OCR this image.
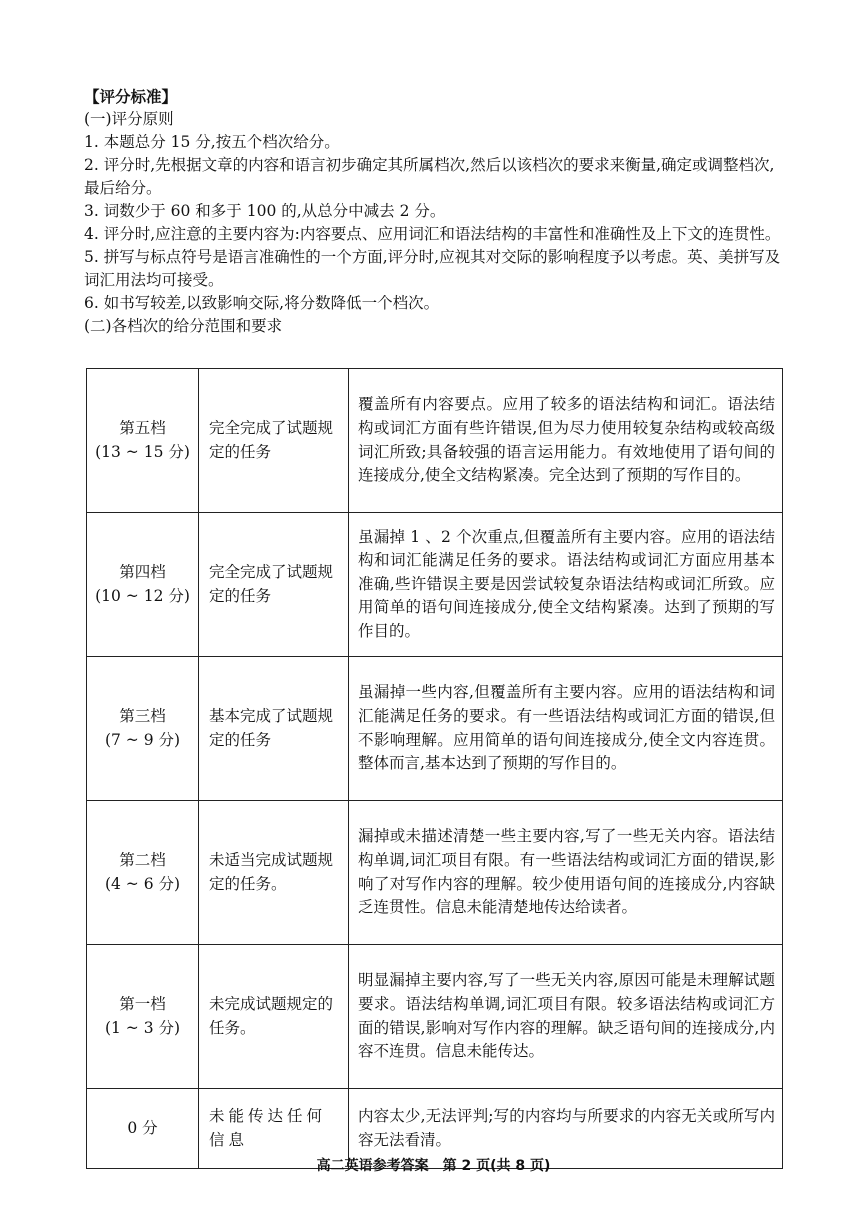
【评分标准】
(一)评分原则
1. 本题总分 15 分,按五个档次给分。
2. 评分时,先根据文章的内容和语言初步确定其所属档次,然后以该档次的要求来衡量,确定或调整档次,最后给分。
3. 词数少于 60 和多于 100 的,从总分中减去 2 分。
4. 评分时,应注意的主要内容为:内容要点、应用词汇和语法结构的丰富性和准确性及上下文的连贯性。
5. 拼写与标点符号是语言准确性的一个方面,评分时,应视其对交际的影响程度予以考虑。英、美拼写及词汇用法均可接受。
6. 如书写较差,以致影响交际,将分数降低一个档次。
(二)各档次的给分范围和要求
第五档
(13 ~ 15 分)	完全完成了试题规定的任务	覆盖所有内容要点。应用了较多的语法结构和词汇。语法结构或词汇方面有些许错误,但为尽力使用较复杂结构或较高级词汇所致;具备较强的语言运用能力。有效地使用了语句间的连接成分,使全文结构紧凑。完全达到了预期的写作目的。

第四档
(10 ~ 12 分)	完全完成了试题规定的任务	虽漏掉 1 、2 个次重点,但覆盖所有主要内容。应用的语法结构和词汇能满足任务的要求。语法结构或词汇方面应用基本准确,些许错误主要是因尝试较复杂语法结构或词汇所致。应用简单的语句间连接成分,使全文结构紧凑。达到了预期的写作目的。

第三档
(7 ~ 9 分)	基本完成了试题规定的任务	虽漏掉一些内容,但覆盖所有主要内容。应用的语法结构和词汇能满足任务的要求。有一些语法结构或词汇方面的错误,但不影响理解。应用简单的语句间连接成分,使全文内容连贯。整体而言,基本达到了预期的写作目的。

第二档
(4 ~ 6 分)	未适当完成试题规定的任务。	漏掉或未描述清楚一些主要内容,写了一些无关内容。语法结构单调,词汇项目有限。有一些语法结构或词汇方面的错误,影响了对写作内容的理解。较少使用语句间的连接成分,内容缺乏连贯性。信息未能清楚地传达给读者。

第一档
(1 ~ 3 分)	未完成试题规定的任务。	明显漏掉主要内容,写了一些无关内容,原因可能是未理解试题要求。语法结构单调,词汇项目有限。较多语法结构或词汇方面的错误,影响对写作内容的理解。缺乏语句间的连接成分,内容不连贯。信息未能传达。

0 分	未能传达任何信息	内容太少,无法评判;写的内容均与所要求的内容无关或所写内容无法看清。
高二英语参考答案　第 2 页(共 8 页)
